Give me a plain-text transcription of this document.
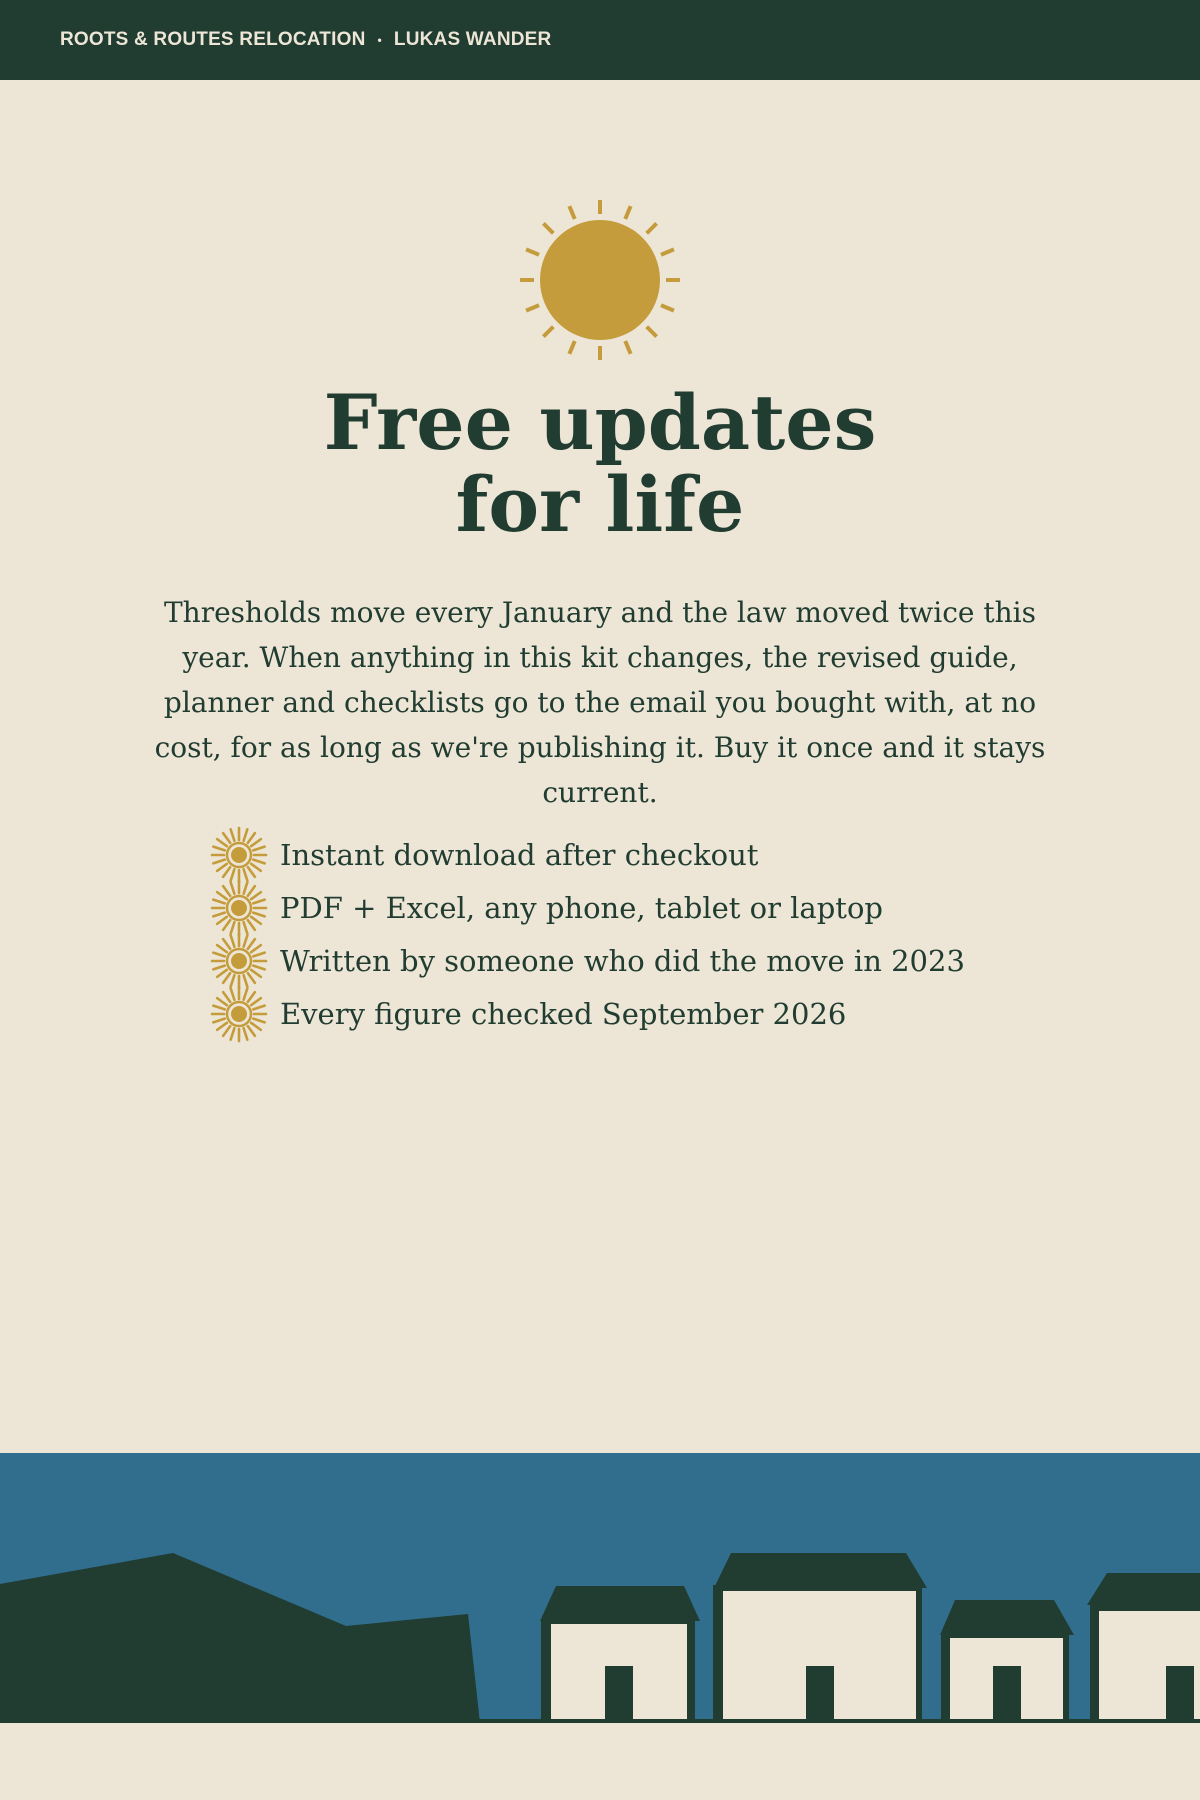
ROOTS & ROUTES RELOCATION • LUKAS WANDER
Free updates
for life

Thresholds move every January and the law moved twice this year. When anything in this kit changes, the revised guide, planner and checklists go to the email you bought with, at no cost, for as long as we're publishing it. Buy it once and it stays current.

Instant download after checkout
PDF + Excel, any phone, tablet or laptop
Written by someone who did the move in 2023
Every figure checked September 2026
